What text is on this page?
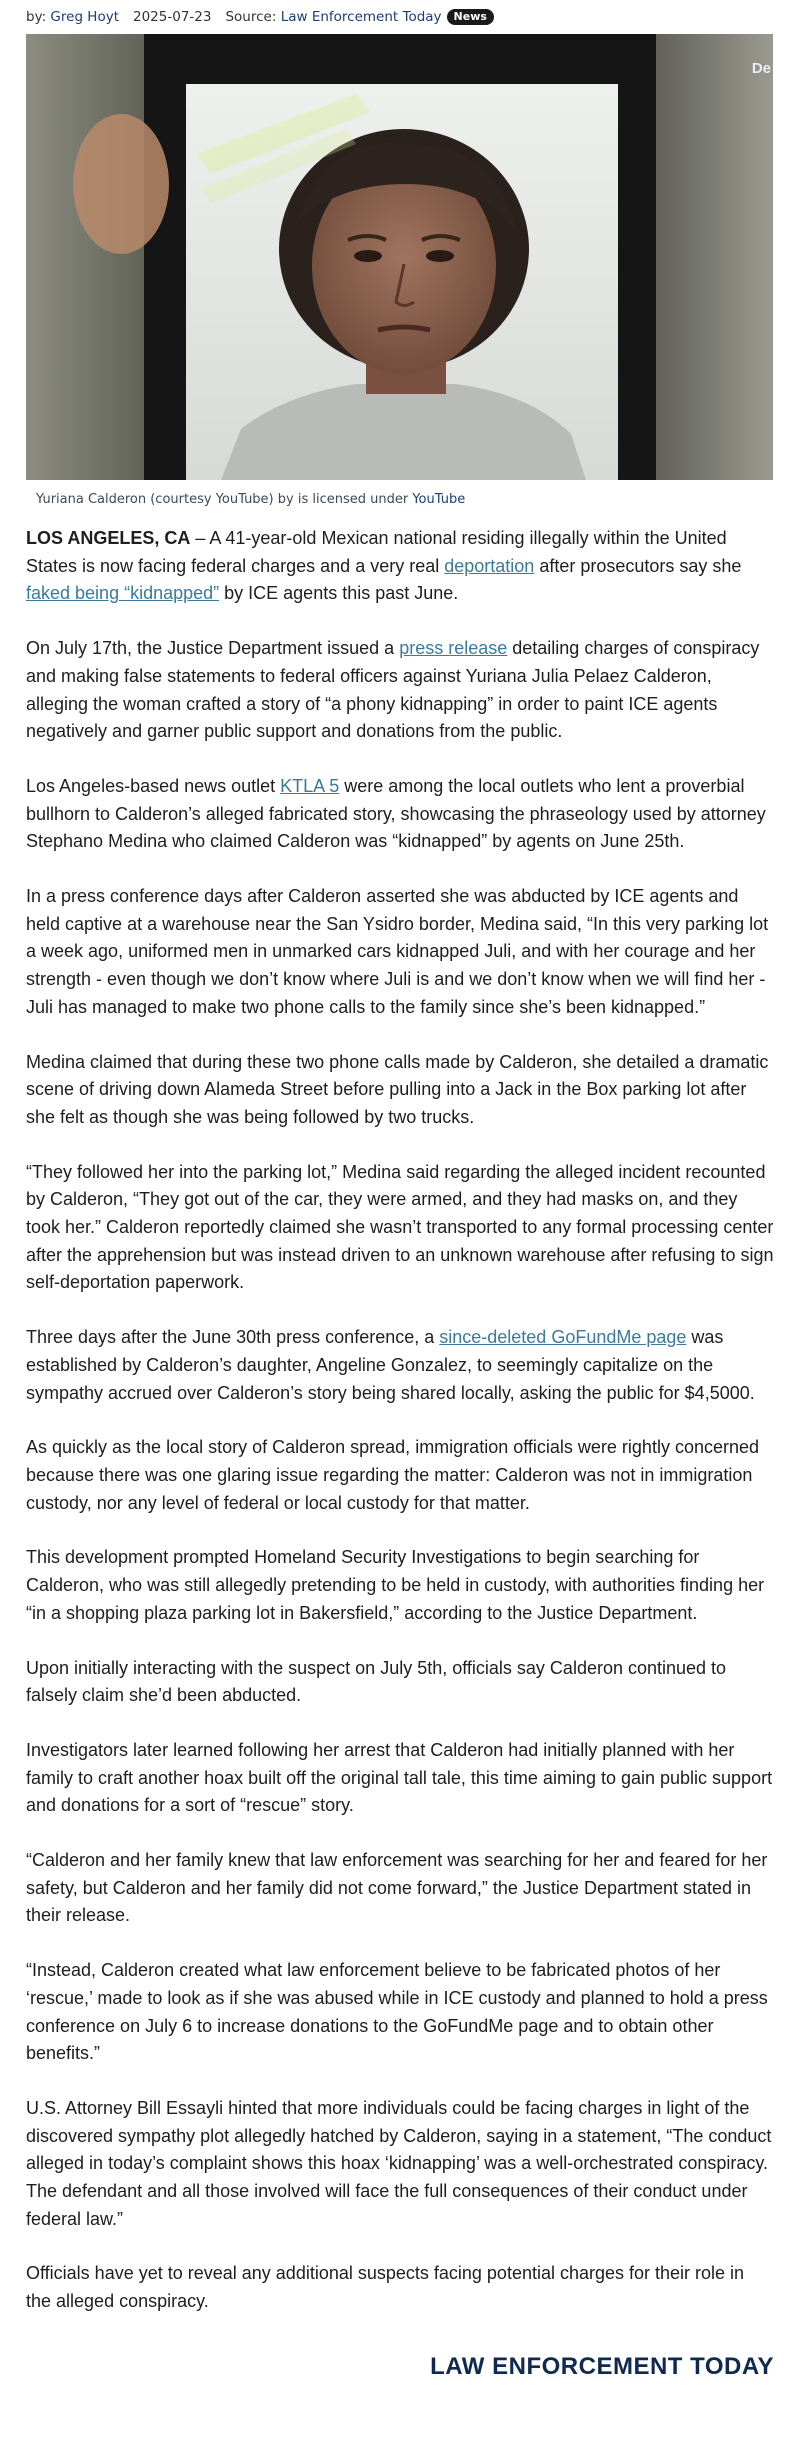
by:
Greg Hoyt 2025-07-23 Source:
Law Enforcement Today	News
De
Yuriana Calderon (courtesy YouTube) by is licensed under YouTube

LOS ANGELES, CA – A 41-year-old Mexican national residing illegally within the United States is now facing federal charges and a very real deportation after prosecutors say she faked being “kidnapped” by ICE agents this past June.

On July 17th, the Justice Department issued a press release detailing charges of conspiracy and making false statements to federal officers against Yuriana Julia Pelaez Calderon, alleging the woman crafted a story of “a phony kidnapping” in order to paint ICE agents negatively and garner public support and donations from the public.

Los Angeles-based news outlet KTLA 5 were among the local outlets who lent a proverbial bullhorn to Calderon’s alleged fabricated story, showcasing the phraseology used by attorney Stephano Medina who claimed Calderon was “kidnapped” by agents on June 25th.

In a press conference days after Calderon asserted she was abducted by ICE agents and held captive at a warehouse near the San Ysidro border, Medina said, “In this very parking lot a week ago, uniformed men in unmarked cars kidnapped Juli, and with her courage and her strength - even though we don’t know where Juli is and we don’t know when we will find her - Juli has managed to make two phone calls to the family since she’s been kidnapped.”

Medina claimed that during these two phone calls made by Calderon, she detailed a dramatic scene of driving down Alameda Street before pulling into a Jack in the Box parking lot after she felt as though she was being followed by two trucks.

“They followed her into the parking lot,” Medina said regarding the alleged incident recounted by Calderon, “They got out of the car, they were armed, and they had masks on, and they took her.” Calderon reportedly claimed she wasn’t transported to any formal processing center after the apprehension but was instead driven to an unknown warehouse after refusing to sign self-deportation paperwork.

Three days after the June 30th press conference, a since-deleted GoFundMe page was established by Calderon’s daughter, Angeline Gonzalez, to seemingly capitalize on the sympathy accrued over Calderon’s story being shared locally, asking the public for $4,5000.

As quickly as the local story of Calderon spread, immigration officials were rightly concerned because there was one glaring issue regarding the matter: Calderon was not in immigration custody, nor any level of federal or local custody for that matter.

This development prompted Homeland Security Investigations to begin searching for Calderon, who was still allegedly pretending to be held in custody, with authorities finding her “in a shopping plaza parking lot in Bakersfield,” according to the Justice Department.

Upon initially interacting with the suspect on July 5th, officials say Calderon continued to falsely claim she’d been abducted.

Investigators later learned following her arrest that Calderon had initially planned with her family to craft another hoax built off the original tall tale, this time aiming to gain public support and donations for a sort of “rescue” story.

“Calderon and her family knew that law enforcement was searching for her and feared for her safety, but Calderon and her family did not come forward,” the Justice Department stated in their release.

“Instead, Calderon created what law enforcement believe to be fabricated photos of her ‘rescue,’ made to look as if she was abused while in ICE custody and planned to hold a press conference on July 6 to increase donations to the GoFundMe page and to obtain other benefits.”

U.S. Attorney Bill Essayli hinted that more individuals could be facing charges in light of the discovered sympathy plot allegedly hatched by Calderon, saying in a statement, “The conduct alleged in today’s complaint shows this hoax ‘kidnapping’ was a well-orchestrated conspiracy. The defendant and all those involved will face the full consequences of their conduct under federal law.”

Officials have yet to reveal any additional suspects facing potential charges for their role in the alleged conspiracy.

LAW ENFORCEMENT TODAY
